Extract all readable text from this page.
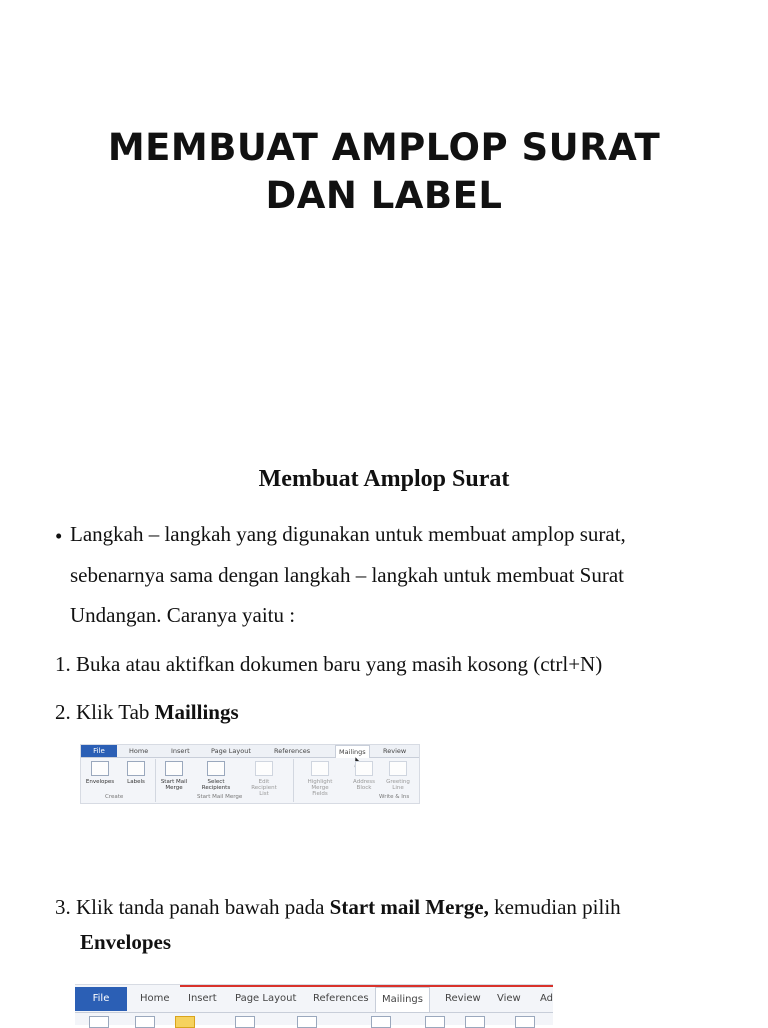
MEMBUAT AMPLOP SURAT
DAN LABEL
Membuat Amplop Surat
• Langkah – langkah yang digunakan untuk membuat amplop surat,
sebenarnya sama dengan langkah – langkah untuk membuat Surat
Undangan. Caranya yaitu :
1. Buka atau aktifkan dokumen baru yang masih kosong (ctrl+N)
2. Klik Tab Maillings
File	Home	Insert	Page Layout	References	Mailings	Review
Envelopes	Labels	Start Mail Merge
Select Recipients
Edit Recipient List
Highlight Merge Fields
Address Block
Greeting Line
Create	Start Mail Merge	Write & Ins
3. Klik tanda panah bawah pada Start mail Merge, kemudian pilih
Envelopes
File	Home Insert Page Layout References	Mailings	Review View Ad
